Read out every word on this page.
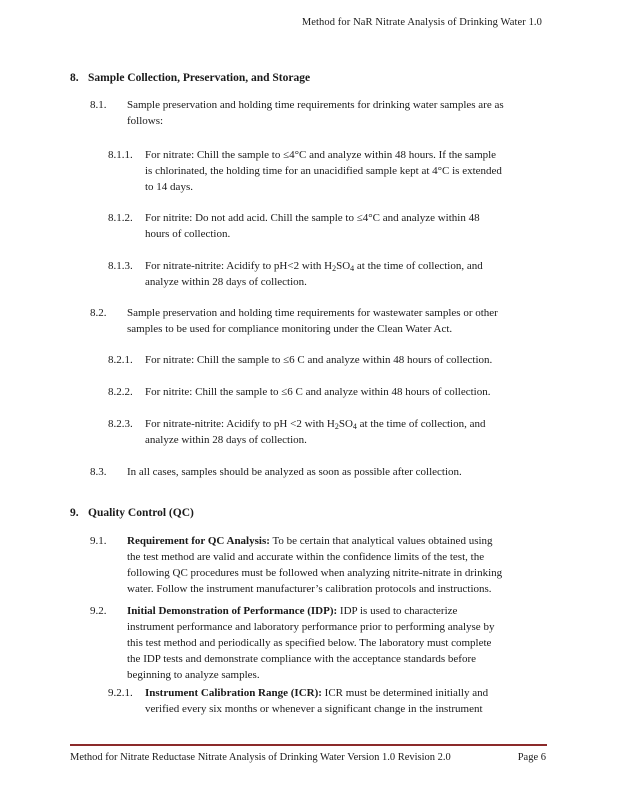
Method for NaR Nitrate Analysis of Drinking Water 1.0
8. Sample Collection, Preservation, and Storage
8.1. Sample preservation and holding time requirements for drinking water samples are as
follows:
8.1.1. For nitrate: Chill the sample to ≤4°C and analyze within 48 hours. If the sample
is chlorinated, the holding time for an unacidified sample kept at 4°C is extended
to 14 days.
8.1.2. For nitrite: Do not add acid. Chill the sample to ≤4°C and analyze within 48
hours of collection.
8.1.3. For nitrate-nitrite: Acidify to pH<2 with $H_2SO_4$ at the time of collection, and
analyze within 28 days of collection.
8.2. Sample preservation and holding time requirements for wastewater samples or other
samples to be used for compliance monitoring under the Clean Water Act.
8.2.1. For nitrate: Chill the sample to ≤6 C and analyze within 48 hours of collection.
8.2.2. For nitrite: Chill the sample to ≤6 C and analyze within 48 hours of collection.
8.2.3. For nitrate-nitrite: Acidify to pH <2 with $H_2SO_4$ at the time of collection, and
analyze within 28 days of collection.
8.3. In all cases, samples should be analyzed as soon as possible after collection.
9. Quality Control (QC)
9.1. Requirement for QC Analysis: To be certain that analytical values obtained using
the test method are valid and accurate within the confidence limits of the test, the
following QC procedures must be followed when analyzing nitrite-nitrate in drinking
water. Follow the instrument manufacturer’s calibration protocols and instructions.
9.2. Initial Demonstration of Performance (IDP): IDP is used to characterize
instrument performance and laboratory performance prior to performing analyse by
this test method and periodically as specified below. The laboratory must complete
the IDP tests and demonstrate compliance with the acceptance standards before
beginning to analyze samples.
9.2.1. Instrument Calibration Range (ICR): ICR must be determined initially and
verified every six months or whenever a significant change in the instrument
Method for Nitrate Reductase Nitrate Analysis of Drinking Water Version 1.0 Revision 2.0	Page 6
